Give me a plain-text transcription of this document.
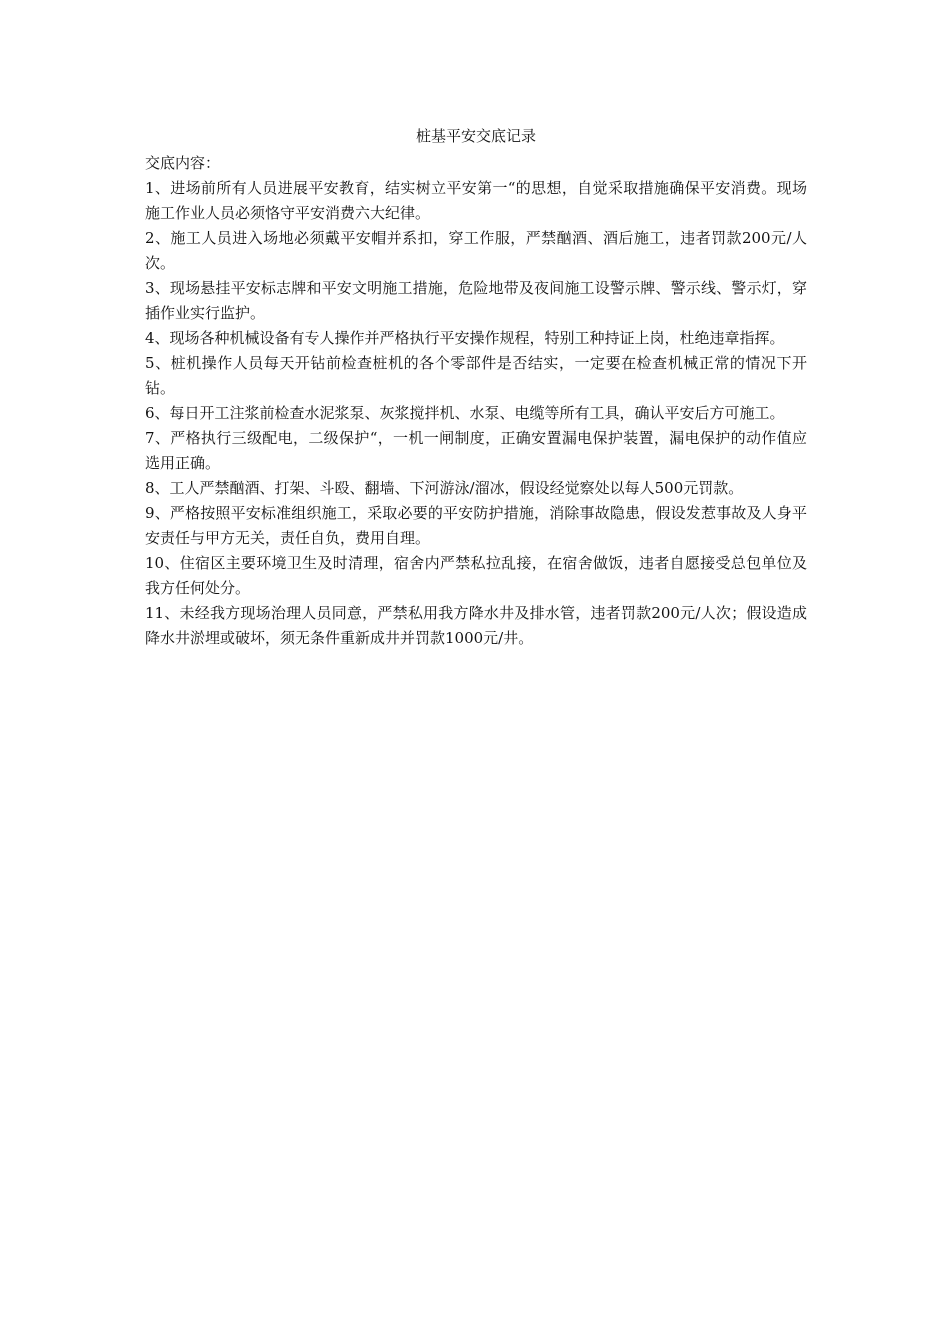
桩基平安交底记录
交底内容：

1、进场前所有人员进展平安教育，结实树立平安第一“的思想，自觉采取措施确保平安消费。现场施工作业人员必须恪守平安消费六大纪律。

2、施工人员进入场地必须戴平安帽并系扣，穿工作服，严禁酗酒、酒后施工，违者罚款200元/人次。

3、现场悬挂平安标志牌和平安文明施工措施，危险地带及夜间施工设警示牌、警示线、警示灯，穿插作业实行监护。

4、现场各种机械设备有专人操作并严格执行平安操作规程，特别工种持证上岗，杜绝违章指挥。

5、桩机操作人员每天开钻前检查桩机的各个零部件是否结实，一定要在检查机械正常的情况下开钻。

6、每日开工注浆前检查水泥浆泵、灰浆搅拌机、水泵、电缆等所有工具，确认平安后方可施工。

7、严格执行三级配电，二级保护“，一机一闸制度，正确安置漏电保护装置，漏电保护的动作值应选用正确。

8、工人严禁酗酒、打架、斗殴、翻墙、下河游泳/溜冰，假设经觉察处以每人500元罚款。

9、严格按照平安标准组织施工，采取必要的平安防护措施，消除事故隐患，假设发惹事故及人身平安责任与甲方无关，责任自负，费用自理。

10、住宿区主要环境卫生及时清理，宿舍内严禁私拉乱接，在宿舍做饭，违者自愿接受总包单位及我方任何处分。

11、未经我方现场治理人员同意，严禁私用我方降水井及排水管，违者罚款200元/人次；假设造成降水井淤埋或破坏，须无条件重新成井并罚款1000元/井。
